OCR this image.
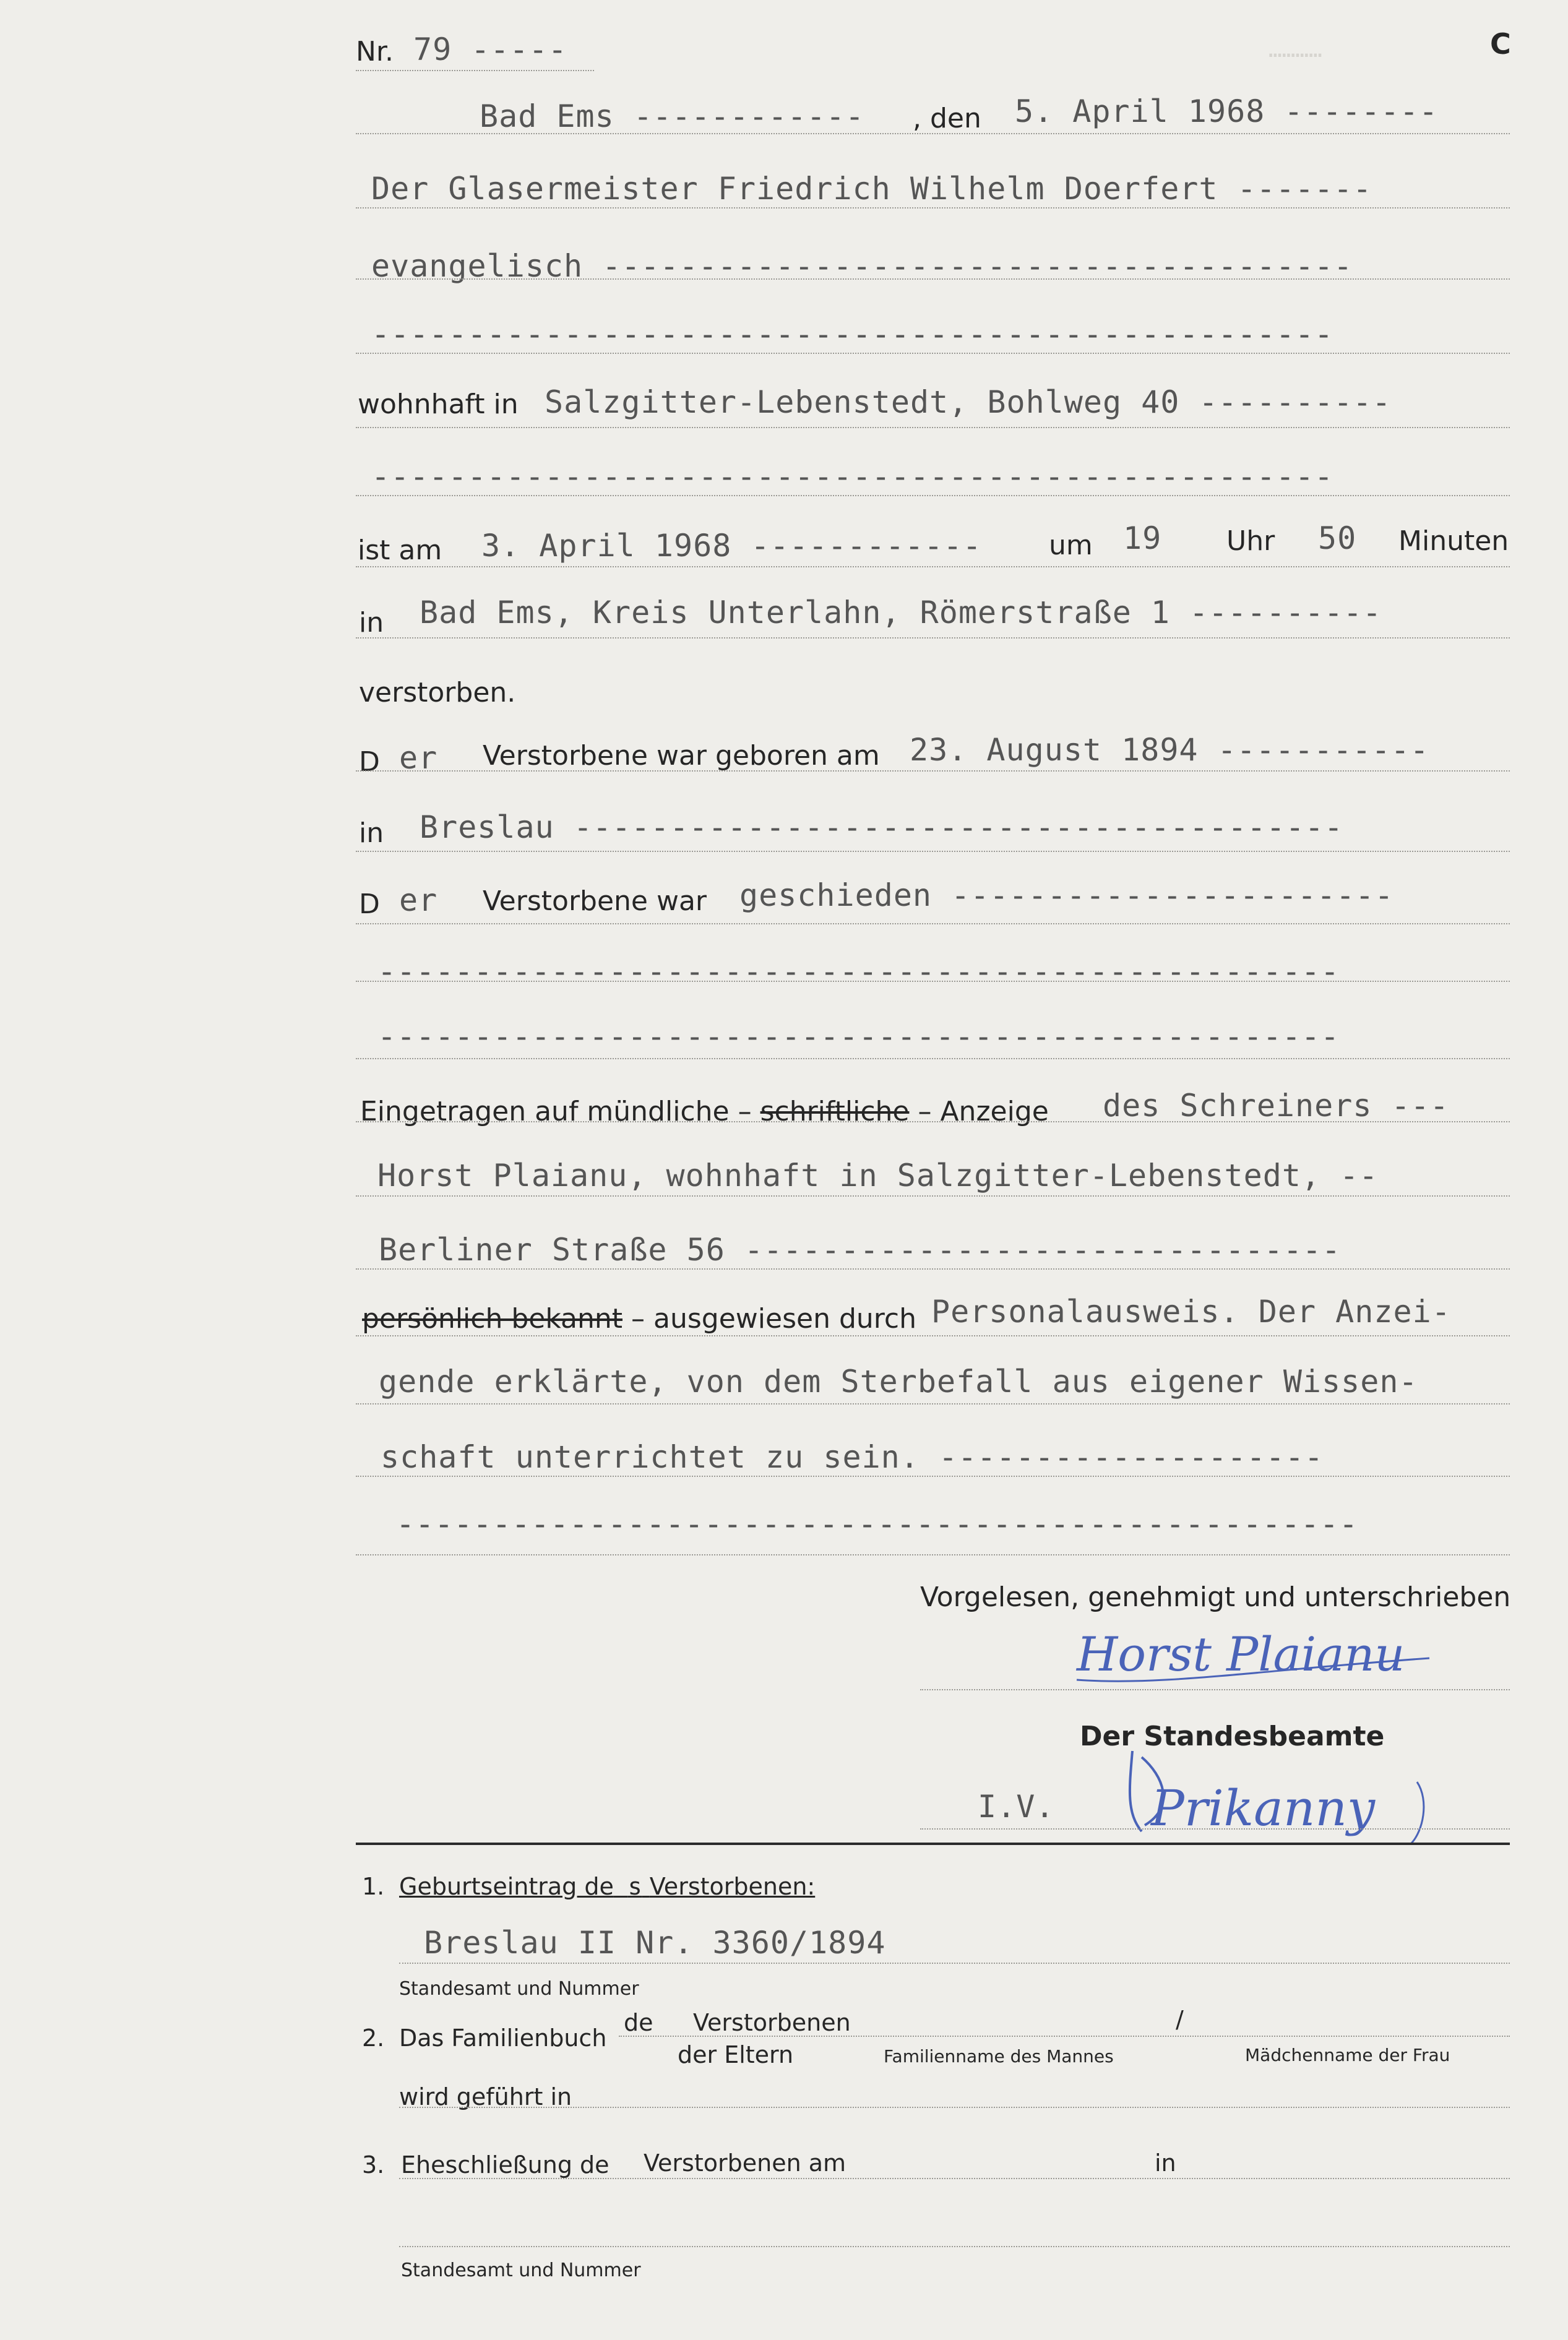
…………	C
Nr. 79 -----
Bad Ems ------------ , den 5. April 1968 --------
Der Glasermeister Friedrich Wilhelm Doerfert -------
evangelisch ---------------------------------------
--------------------------------------------------
wohnhaft in Salzgitter-Lebenstedt, Bohlweg 40 ----------
--------------------------------------------------
ist am 3. April 1968 ------------ um 19 Uhr 50 Minuten
in Bad Ems, Kreis Unterlahn, Römerstraße 1 ----------
verstorben.
D er Verstorbene war geboren am 23. August 1894 -----------
in Breslau ----------------------------------------
D er Verstorbene war geschieden -----------------------
--------------------------------------------------
--------------------------------------------------
Eingetragen auf mündliche – schriftliche – Anzeige des Schreiners ---
Horst Plaianu, wohnhaft in Salzgitter-Lebenstedt, --
Berliner Straße 56 -------------------------------
persönlich bekannt – ausgewiesen durch Personalausweis. Der Anzei-
gende erklärte, von dem Sterbefall aus eigener Wissen-
schaft unterrichtet zu sein. --------------------
--------------------------------------------------
Vorgelesen, genehmigt und unterschrieben
Horst Plaianu
Der Standesbeamte
I.V. Prikanny
1. Geburtseintrag de s Verstorbenen:
Breslau II Nr. 3360/1894
Standesamt und Nummer
2. Das Familienbuch
de Verstorbenen	/
der Eltern	Familienname des Mannes	Mädchenname der Frau
wird geführt in
3. Eheschließung de Verstorbenen am	in
Standesamt und Nummer
